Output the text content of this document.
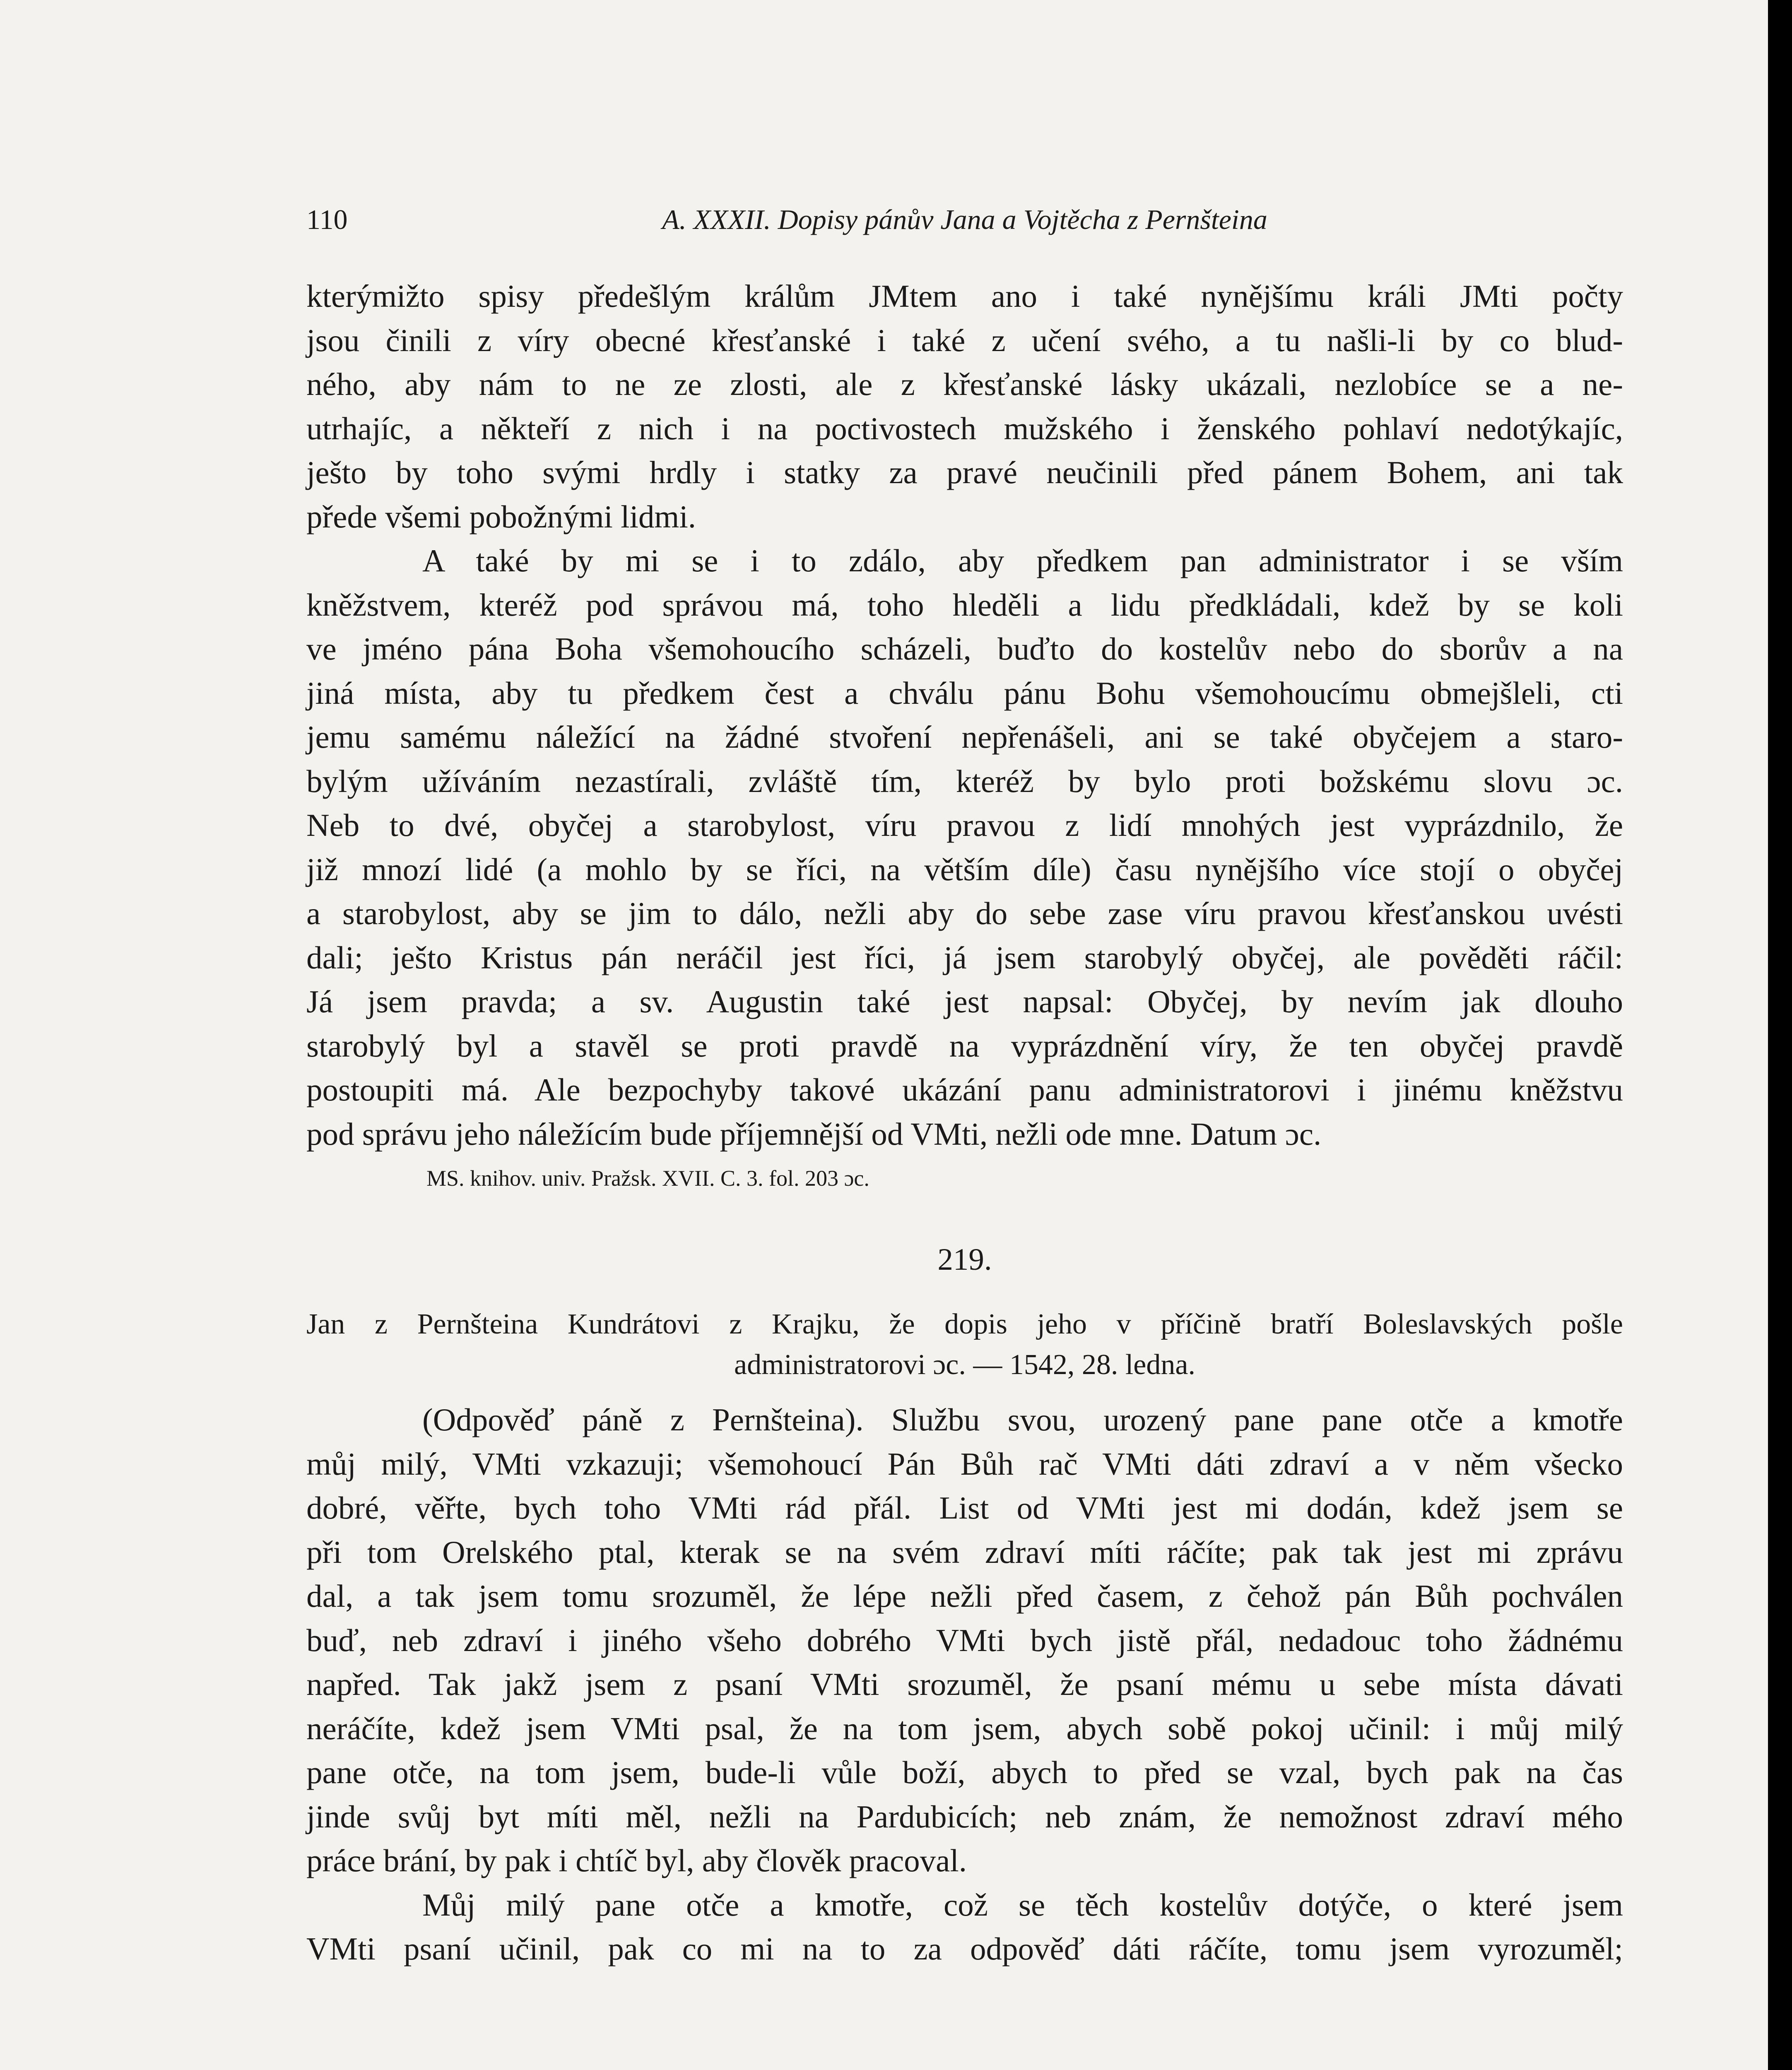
110	A. XXXII. Dopisy pánův Jana a Vojtěcha z Pernšteina

kterýmižto spisy předešlým králům JMtem ano i také nynějšímu králi JMti počty

jsou činili z víry obecné křesťanské i také z učení svého, a tu našli-li by co blud-

ného, aby nám to ne ze zlosti, ale z křesťanské lásky ukázali, nezlobíce se a ne-

utrhajíc, a někteří z nich i na poctivostech mužského i ženského pohlaví nedotýkajíc,

ješto by toho svými hrdly i statky za pravé neučinili před pánem Bohem, ani tak

přede všemi pobožnými lidmi.

A také by mi se i to zdálo, aby předkem pan administrator i se vším

kněžstvem, kteréž pod správou má, toho hleděli a lidu předkládali, kdež by se koli

ve jméno pána Boha všemohoucího scházeli, buďto do kostelův nebo do sborův a na

jiná místa, aby tu předkem čest a chválu pánu Bohu všemohoucímu obmejšleli, cti

jemu samému náležící na žádné stvoření nepřenášeli, ani se také obyčejem a staro-

bylým užíváním nezastírali, zvláště tím, kteréž by bylo proti božskému slovu ɔc.

Neb to dvé, obyčej a starobylost, víru pravou z lidí mnohých jest vyprázdnilo, že

již mnozí lidé (a mohlo by se říci, na větším díle) času nynějšího více stojí o obyčej

a starobylost, aby se jim to dálo, nežli aby do sebe zase víru pravou křesťanskou uvésti

dali; ješto Kristus pán neráčil jest říci, já jsem starobylý obyčej, ale pověděti ráčil:

Já jsem pravda; a sv. Augustin také jest napsal: Obyčej, by nevím jak dlouho

starobylý byl a stavěl se proti pravdě na vyprázdnění víry, že ten obyčej pravdě

postoupiti má. Ale bezpochyby takové ukázání panu administratorovi i jinému kněžstvu

pod správu jeho náležícím bude příjemnější od VMti, nežli ode mne. Datum ɔc.

MS. knihov. univ. Pražsk. XVII. C. 3. fol. 203 ɔc.

219.

Jan z Pernšteina Kundrátovi z Krajku, že dopis jeho v příčině bratří Boleslavských pošle

administratorovi ɔc. — 1542, 28. ledna.

(Odpověď páně z Pernšteina). Službu svou, urozený pane pane otče a kmotře

můj milý, VMti vzkazuji; všemohoucí Pán Bůh rač VMti dáti zdraví a v něm všecko

dobré, věřte, bych toho VMti rád přál. List od VMti jest mi dodán, kdež jsem se

při tom Orelského ptal, kterak se na svém zdraví míti ráčíte; pak tak jest mi zprávu

dal, a tak jsem tomu srozuměl, že lépe nežli před časem, z čehož pán Bůh pochválen

buď, neb zdraví i jiného všeho dobrého VMti bych jistě přál, nedadouc toho žádnému

napřed. Tak jakž jsem z psaní VMti srozuměl, že psaní mému u sebe místa dávati

neráčíte, kdež jsem VMti psal, že na tom jsem, abych sobě pokoj učinil: i můj milý

pane otče, na tom jsem, bude-li vůle boží, abych to před se vzal, bych pak na čas

jinde svůj byt míti měl, nežli na Pardubicích; neb znám, že nemožnost zdraví mého

práce brání, by pak i chtíč byl, aby člověk pracoval.

Můj milý pane otče a kmotře, což se těch kostelův dotýče, o které jsem

VMti psaní učinil, pak co mi na to za odpověď dáti ráčíte, tomu jsem vyrozuměl;
